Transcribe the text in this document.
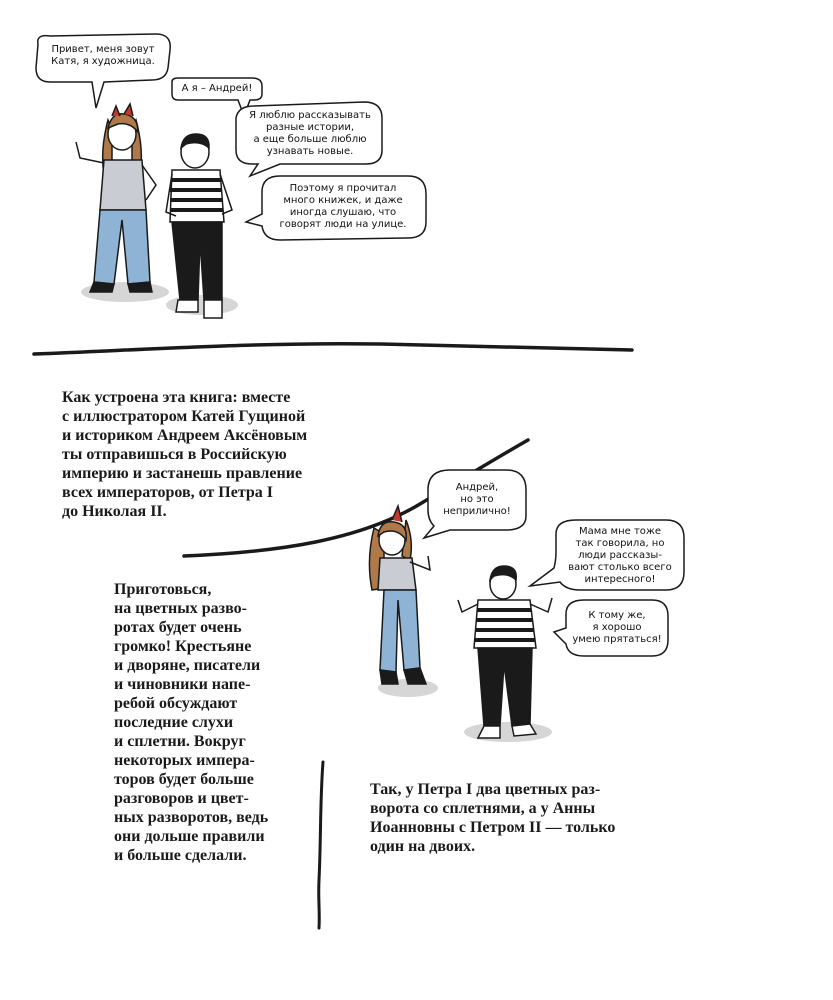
Привет, меня зовут
Катя, я художница.
А я – Андрей!
Я люблю рассказывать
разные истории,
а еще больше люблю
узнавать новые.
Поэтому я прочитал
много книжек, и даже
иногда слушаю, что
говорят люди на улице.
Как устроена эта книга: вместе
с иллюстратором Катей Гущиной
и историком Андреем Аксёновым
ты отправишься в Российскую
империю и застанешь правление
всех императоров, от Петра I
до Николая II.
Андрей,
но это
неприлично!
Мама мне тоже
так говорила, но
люди рассказы-
вают столько всего
интересного!
К тому же,
я хорошо
умею прятаться!
Приготовься,
на цветных разво-
ротах будет очень
громко! Крестьяне
и дворяне, писатели
и чиновники напе-
ребой обсуждают
последние слухи
и сплетни. Вокруг
некоторых импера-
торов будет больше
разговоров и цвет-
ных разворотов, ведь
они дольше правили
и больше сделали.
Так, у Петра I два цветных раз-
ворота со сплетнями, а у Анны
Иоанновны с Петром II — только
один на двоих.
